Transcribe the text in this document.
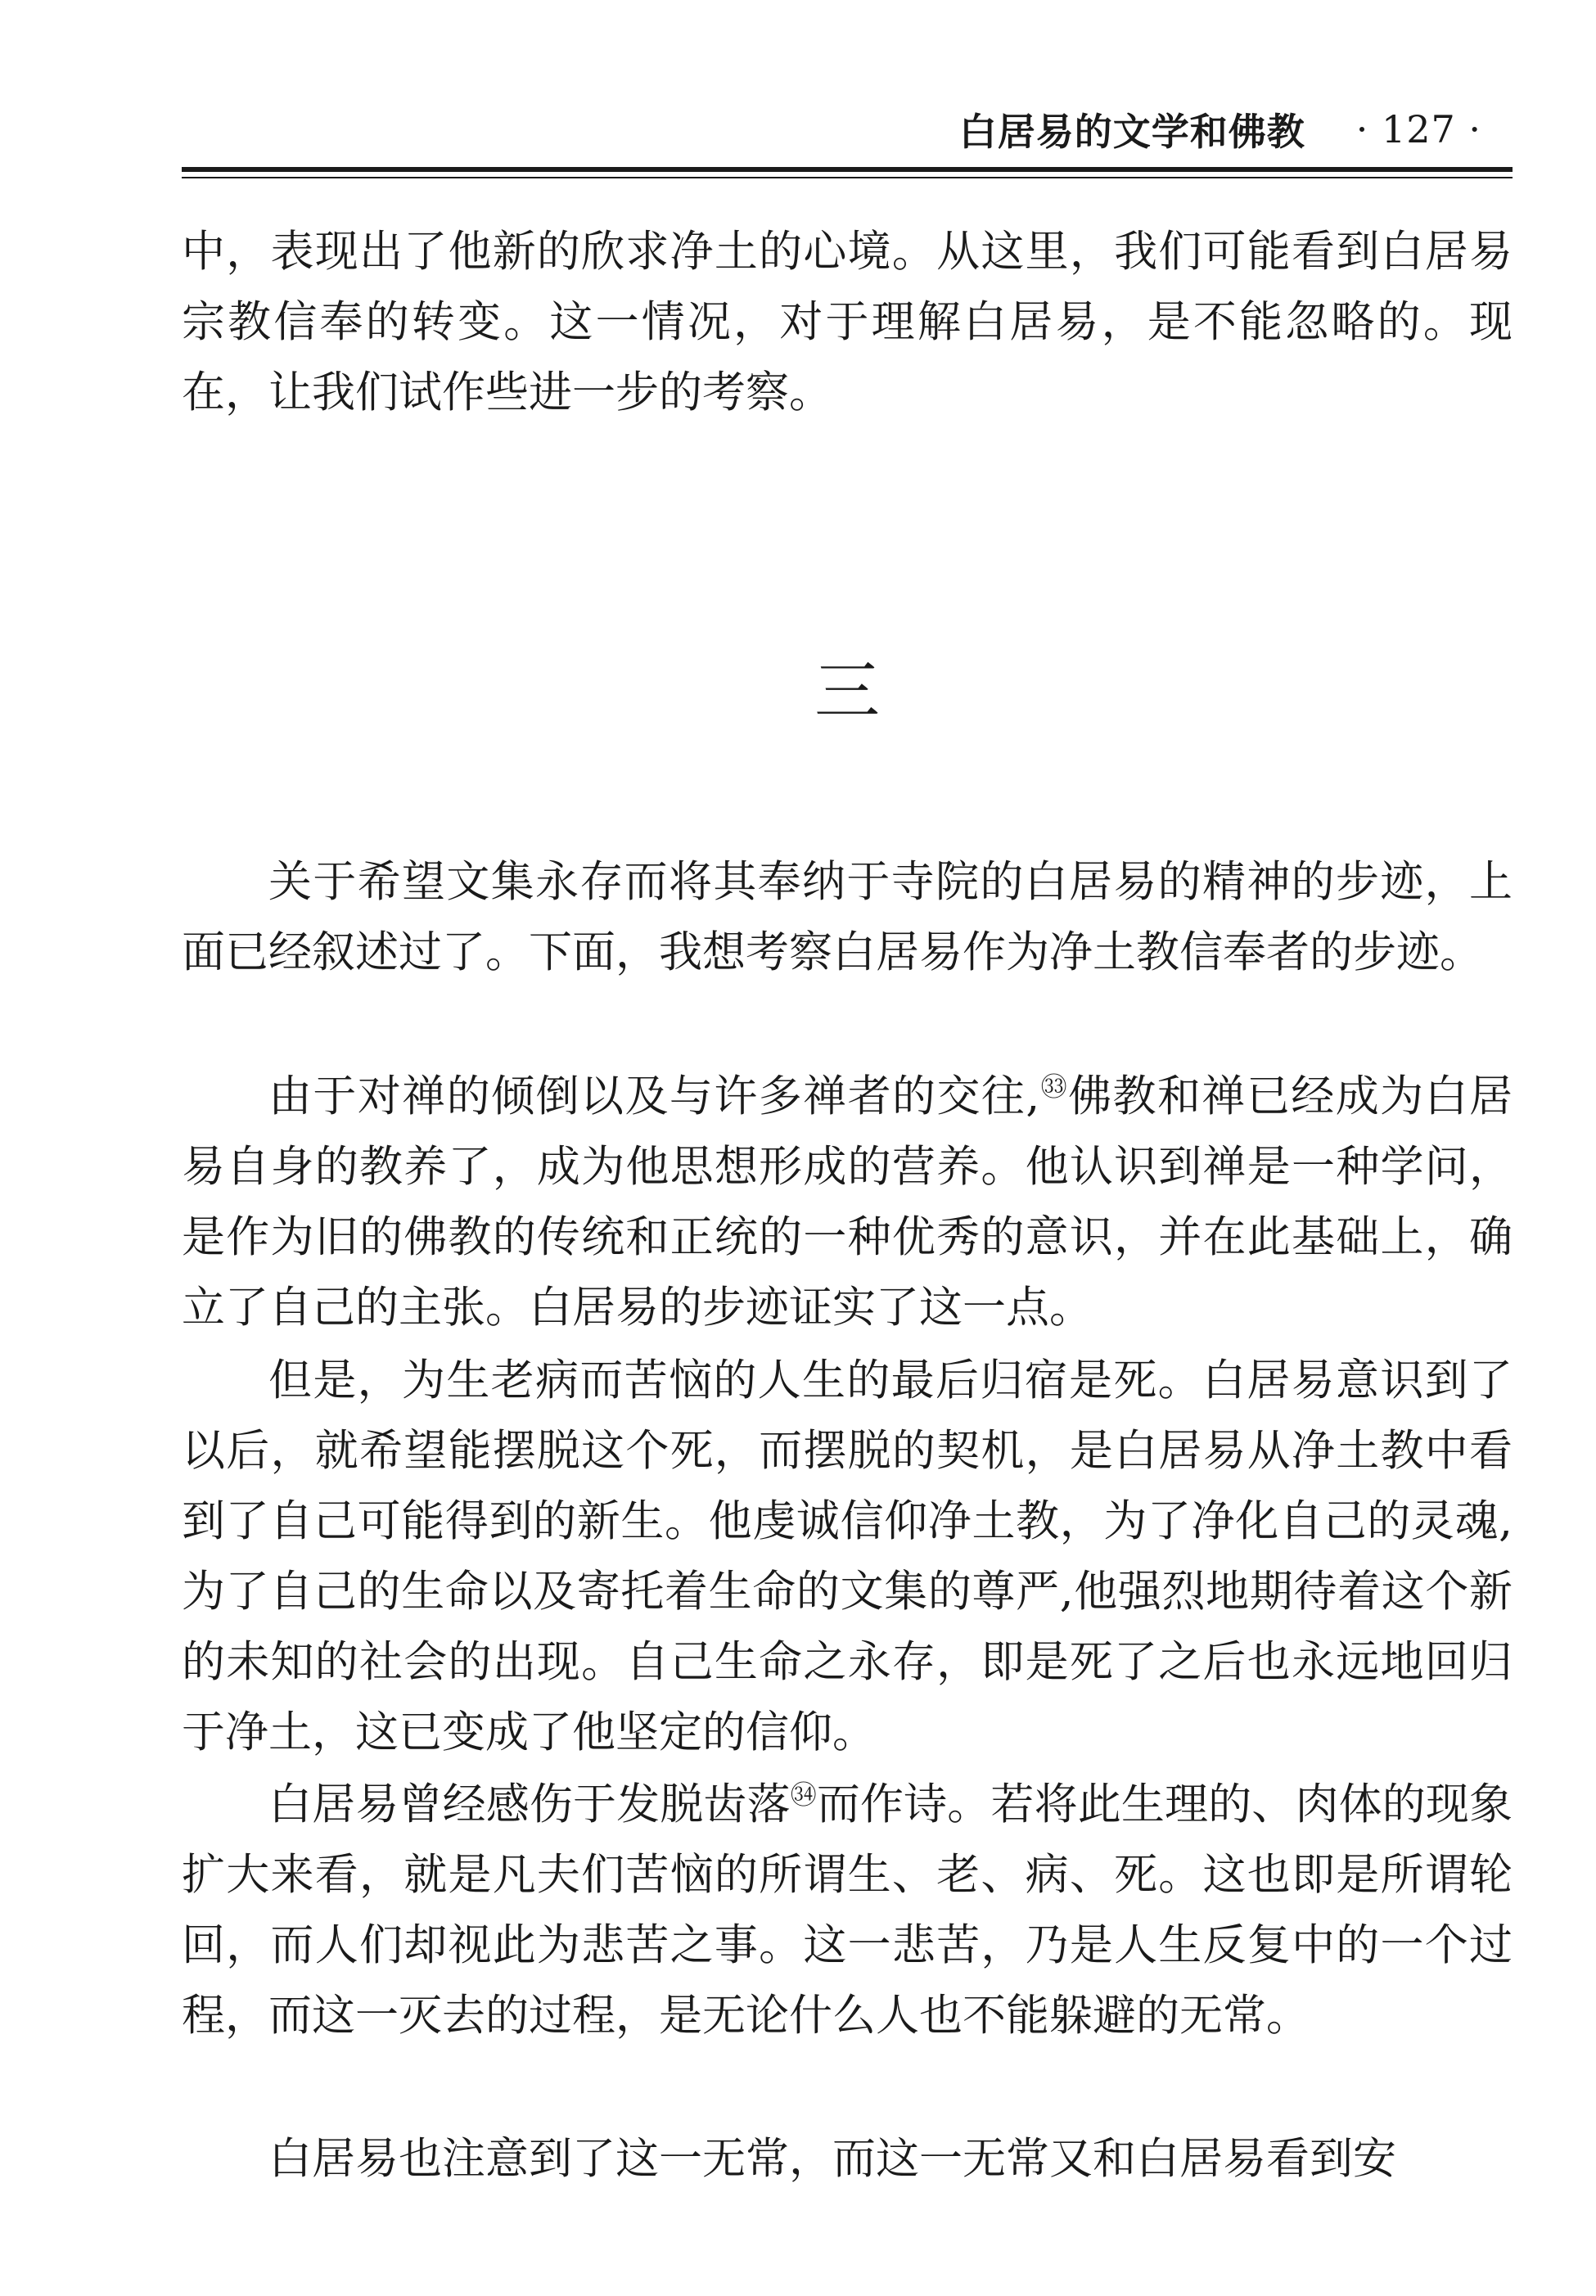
白居易的文学和佛教 · 127 ·

中，表现出了他新的欣求净土的心境。从这里，我们可能看到白居易宗教信奉的转变。这一情况，对于理解白居易，是不能忽略的。现在，让我们试作些进一步的考察。

三

关于希望文集永存而将其奉纳于寺院的白居易的精神的步迹，上面已经叙述过了。下面，我想考察白居易作为净土教信奉者的步迹。

由于对禅的倾倒以及与许多禅者的交往,$^㉝$佛教和禅已经成为白居易自身的教养了，成为他思想形成的营养。他认识到禅是一种学问，是作为旧的佛教的传统和正统的一种优秀的意识，并在此基础上，确立了自己的主张。白居易的步迹证实了这一点。

但是，为生老病而苦恼的人生的最后归宿是死。白居易意识到了以后，就希望能摆脱这个死，而摆脱的契机，是白居易从净土教中看到了自己可能得到的新生。他虔诚信仰净土教，为了净化自己的灵魂,为了自己的生命以及寄托着生命的文集的尊严,他强烈地期待着这个新的未知的社会的出现。自己生命之永存，即是死了之后也永远地回归于净土，这已变成了他坚定的信仰。

白居易曾经感伤于发脱齿落$^㉞$而作诗。若将此生理的、肉体的现象扩大来看，就是凡夫们苦恼的所谓生、老、病、死。这也即是所谓轮回，而人们却视此为悲苦之事。这一悲苦，乃是人生反复中的一个过程，而这一灭去的过程，是无论什么人也不能躲避的无常。

白居易也注意到了这一无常，而这一无常又和白居易看到安
